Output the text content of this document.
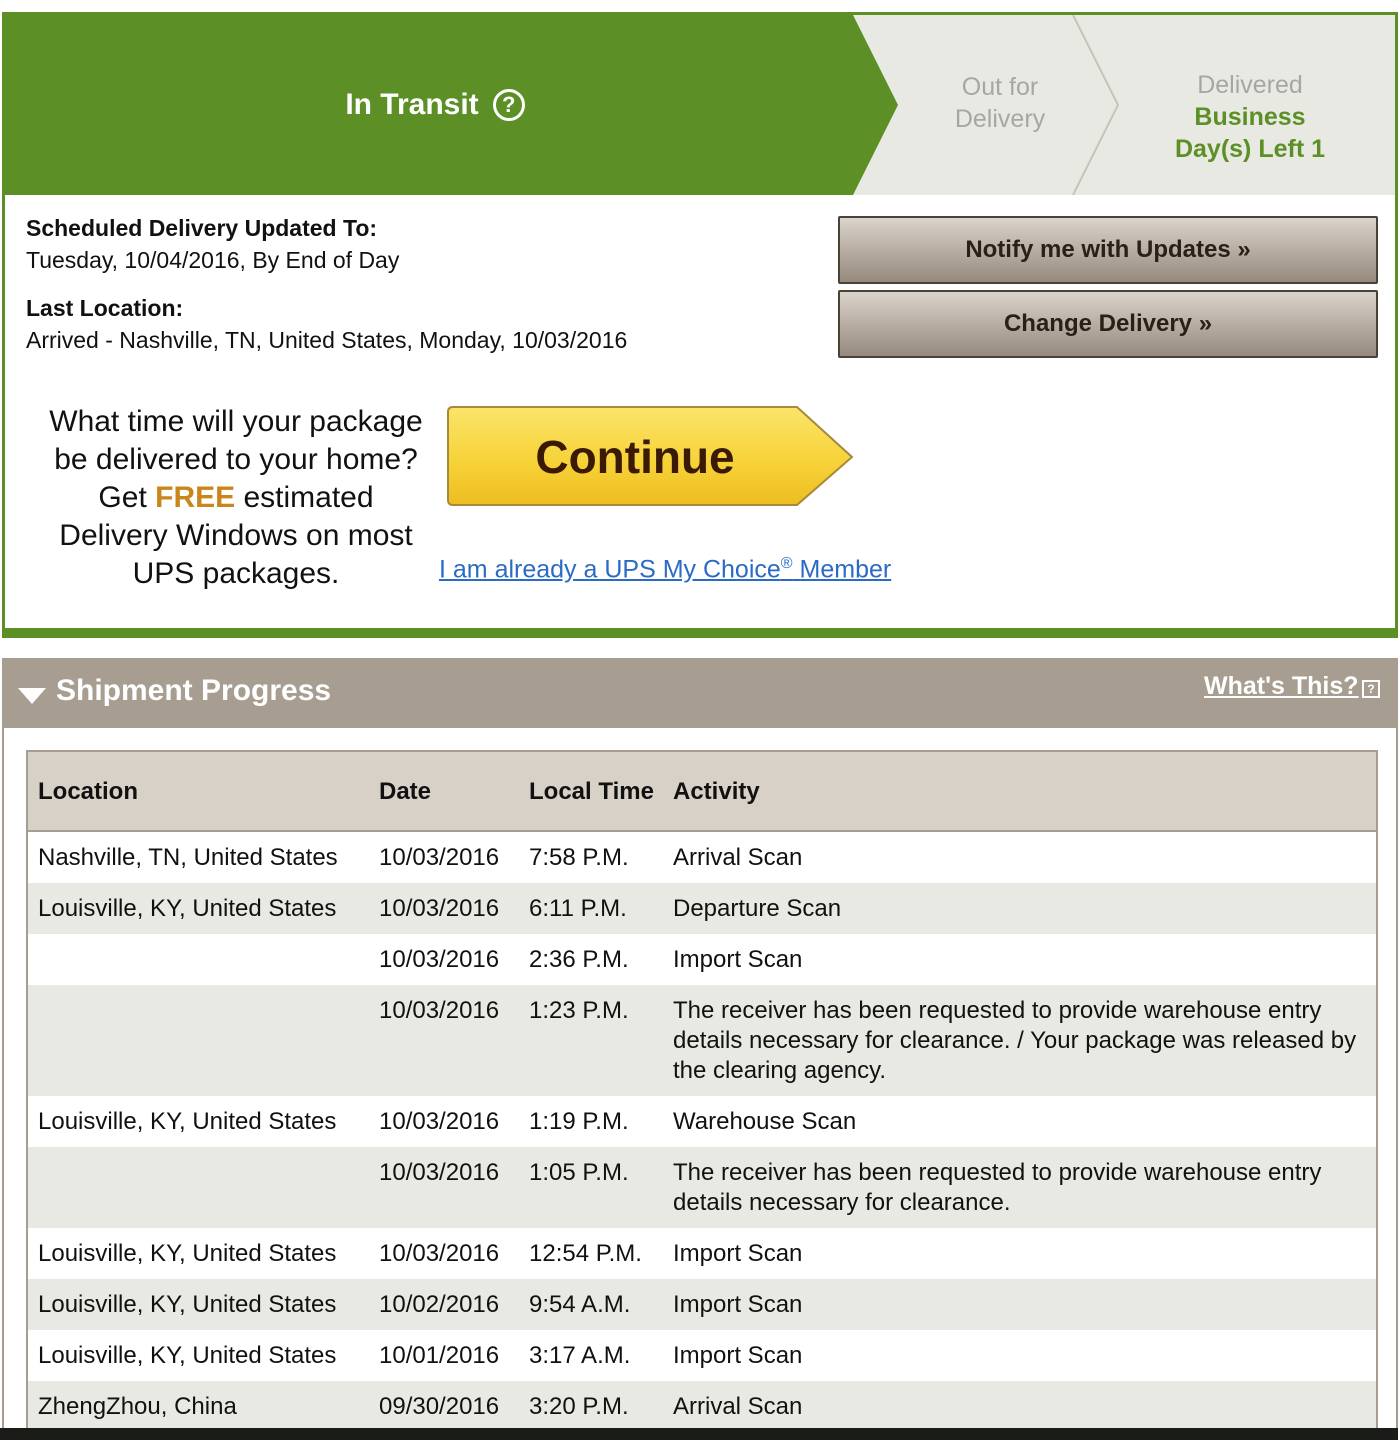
In Transit	?
Out for
Delivery
Delivered
Business
Day(s) Left 1
Scheduled Delivery Updated To:
Tuesday, 10/04/2016, By End of Day
Last Location:
Arrived - Nashville, TN, United States, Monday, 10/03/2016
Notify me with Updates »
Change Delivery »
What time will your package
be delivered to your home?
Get FREE estimated
Delivery Windows on most
UPS packages.
Continue
I am already a UPS My Choice® Member
Shipment Progress	What's This? ?
Location	Date	Local Time	Activity
Nashville, TN, United States	10/03/2016	7:58 P.M.	Arrival Scan
Louisville, KY, United States	10/03/2016	6:11 P.M.	Departure Scan
	10/03/2016	2:36 P.M.	Import Scan
	10/03/2016	1:23 P.M.	The receiver has been requested to provide warehouse entry details necessary for clearance. / Your package was released by the clearing agency.
Louisville, KY, United States	10/03/2016	1:19 P.M.	Warehouse Scan
	10/03/2016	1:05 P.M.	The receiver has been requested to provide warehouse entry details necessary for clearance.
Louisville, KY, United States	10/03/2016	12:54 P.M.	Import Scan
Louisville, KY, United States	10/02/2016	9:54 A.M.	Import Scan
Louisville, KY, United States	10/01/2016	3:17 A.M.	Import Scan
ZhengZhou, China	09/30/2016	3:20 P.M.	Arrival Scan
